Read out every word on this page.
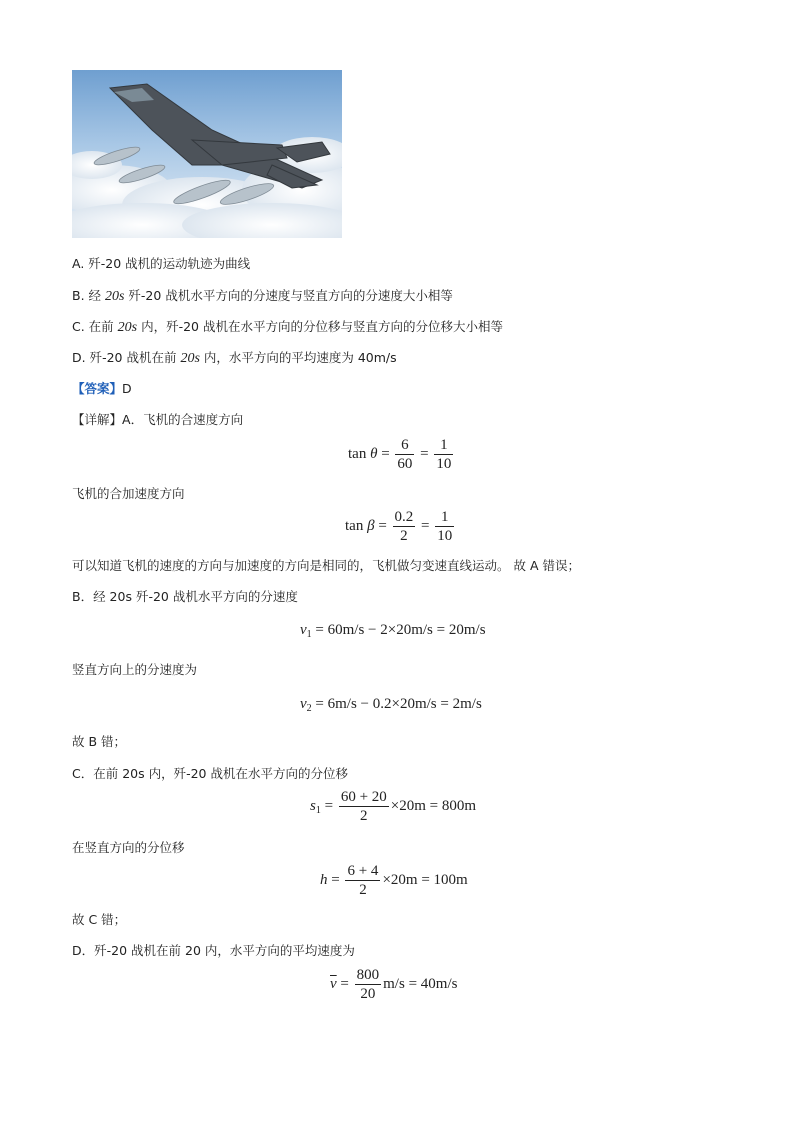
A. 歼-20 战机的运动轨迹为曲线
B. 经 20s 歼-20 战机水平方向的分速度与竖直方向的分速度大小相等
C. 在前 20s 内，歼-20 战机在水平方向的分位移与竖直方向的分位移大小相等
D. 歼-20 战机在前 20s 内，水平方向的平均速度为 40m/s
【答案】D
【详解】A．飞机的合速度方向
$\tan \theta = \frac{6}{60} = \frac{1}{10}$
飞机的合加速度方向
$\tan \beta = \frac{0.2}{2} = \frac{1}{10}$
可以知道飞机的速度的方向与加速度的方向是相同的，飞机做匀变速直线运动。 故 A 错误；
B．经 20s 歼-20 战机水平方向的分速度
$v_1 = 60m/s - 2\times 20m/s = 20m/s$
竖直方向上的分速度为
$v_2 = 6m/s - 0.2\times 20m/s = 2m/s$
故 B 错；
C．在前 20s 内，歼-20 战机在水平方向的分位移
$s_1 = \frac{60 + 20}{2} \times 20m = 800m$
在竖直方向的分位移
$h = \frac{6 + 4}{2} \times 20m = 100m$
故 C 错；
D．歼-20 战机在前 20 内，水平方向的平均速度为
$\overline{v} = \frac{800}{20} m/s = 40m/s$
